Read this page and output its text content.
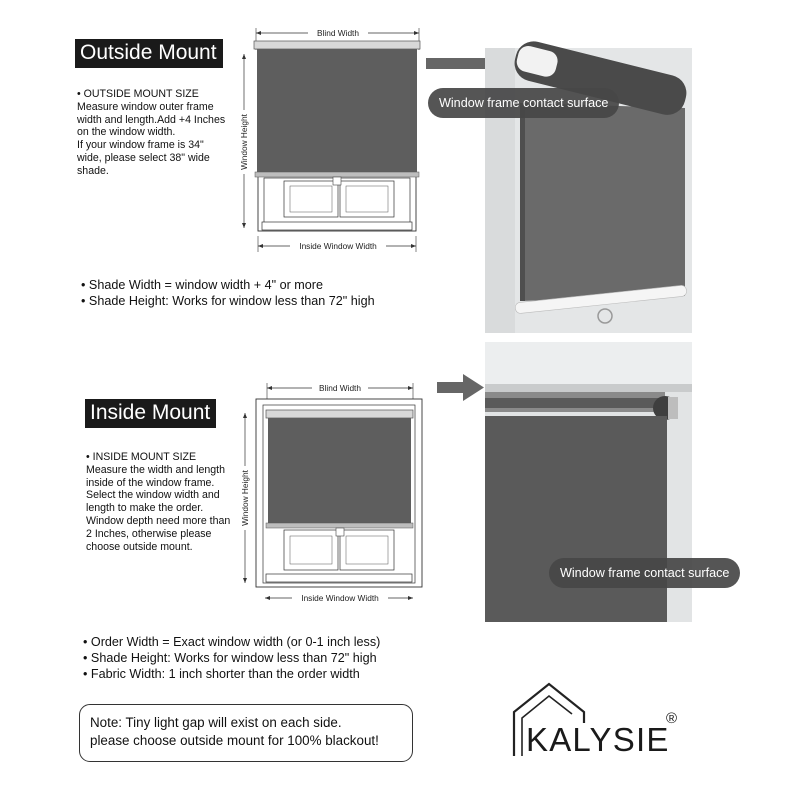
Outside Mount
• OUTSIDE MOUNT SIZE
Measure window outer frame
width and length.Add +4 Inches
on the window width.
If your window frame is 34"
wide, please select 38" wide
shade.
Blind Width
Window Height
Inside Window Width
• Shade Width = window width + 4" or more
• Shade Height: Works for window less than 72" high
Window frame contact surface
Inside Mount
• INSIDE MOUNT SIZE
Measure the width and length
inside of the window frame.
Select the window width and
length to make the order.
Window depth need more than
2 Inches, otherwise please
choose outside mount.
Blind Width
Window Height
Inside Window Width
• Order Width = Exact window width (or 0-1 inch less)
• Shade Height: Works for window less than 72" high
• Fabric Width: 1 inch shorter than the order width
Window frame contact surface
Note: Tiny light gap will exist on each side.
please choose outside mount for 100% blackout!	KALYSIE
®
